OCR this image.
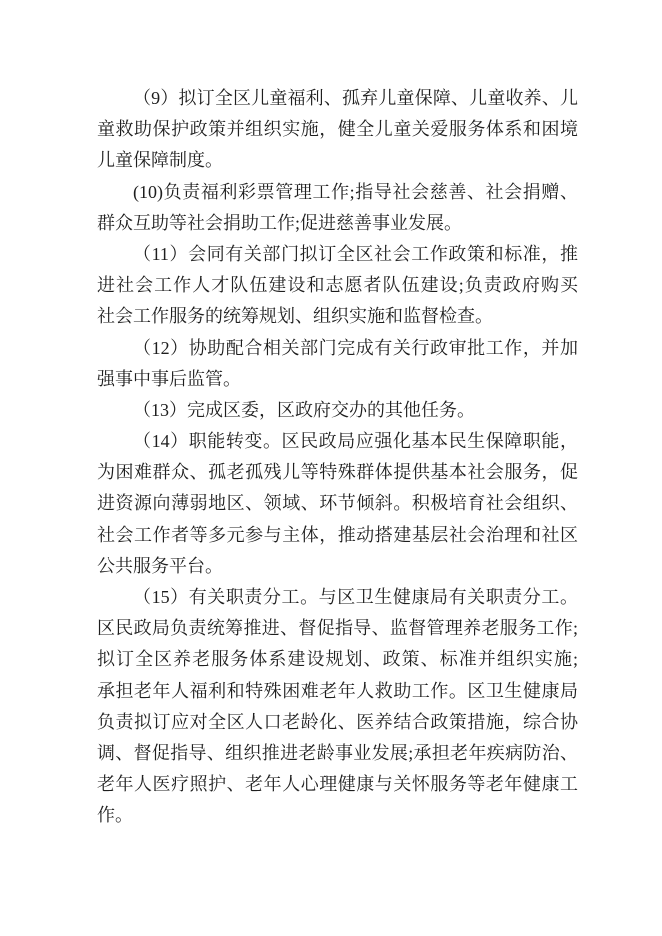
（9）拟订全区儿童福利、孤弃儿童保障、儿童收养、儿
童救助保护政策并组织实施，健全儿童关爱服务体系和困境
儿童保障制度。
(10)负责福利彩票管理工作;指导社会慈善、社会捐赠、
群众互助等社会捐助工作;促进慈善事业发展。
（11）会同有关部门拟订全区社会工作政策和标准，推
进社会工作人才队伍建设和志愿者队伍建设;负责政府购买
社会工作服务的统筹规划、组织实施和监督检查。
（12）协助配合相关部门完成有关行政审批工作，并加
强事中事后监管。
（13）完成区委，区政府交办的其他任务。
（14）职能转变。区民政局应强化基本民生保障职能，
为困难群众、孤老孤残儿等特殊群体提供基本社会服务，促
进资源向薄弱地区、领域、环节倾斜。积极培育社会组织、
社会工作者等多元参与主体，推动搭建基层社会治理和社区
公共服务平台。
（15）有关职责分工。与区卫生健康局有关职责分工。
区民政局负责统筹推进、督促指导、监督管理养老服务工作;
拟订全区养老服务体系建设规划、政策、标准并组织实施;
承担老年人福利和特殊困难老年人救助工作。区卫生健康局
负责拟订应对全区人口老龄化、医养结合政策措施，综合协
调、督促指导、组织推进老龄事业发展;承担老年疾病防治、
老年人医疗照护、老年人心理健康与关怀服务等老年健康工
作。
